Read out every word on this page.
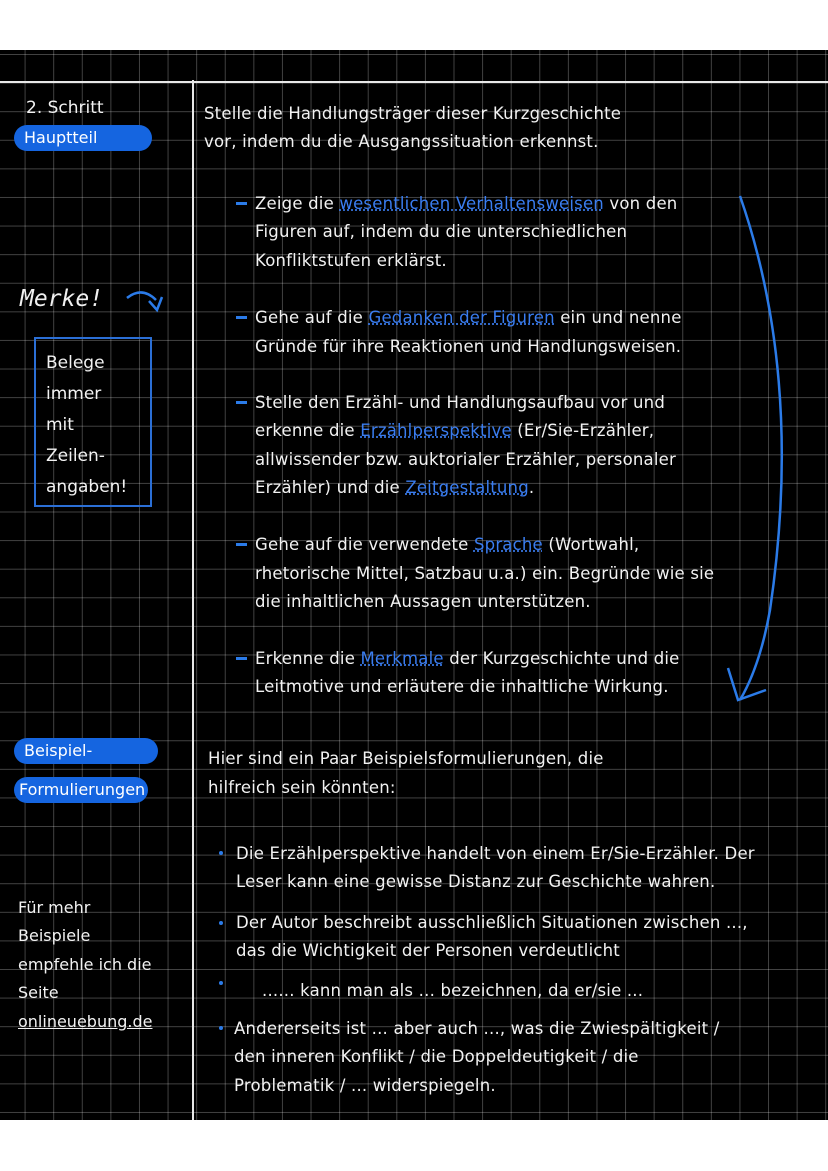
2. Schritt
Hauptteil
Merke!
Belege
immer
mit
Zeilen-
angaben!
Beispiel-
Formulierungen
Für mehr
Beispiele
empfehle ich die
Seite
onlineuebung.de
Stelle die Handlungsträger dieser Kurzgeschichte
vor, indem du die Ausgangssituation erkennst.
Zeige die wesentlichen Verhaltensweisen von den
Figuren auf, indem du die unterschiedlichen
Konfliktstufen erklärst.
Gehe auf die Gedanken der Figuren ein und nenne
Gründe für ihre Reaktionen und Handlungsweisen.
Stelle den Erzähl- und Handlungsaufbau vor und
erkenne die Erzählperspektive (Er/Sie-Erzähler,
allwissender bzw. auktorialer Erzähler, personaler
Erzähler) und die Zeitgestaltung.
Gehe auf die verwendete Sprache (Wortwahl,
rhetorische Mittel, Satzbau u.a.) ein. Begründe wie sie
die inhaltlichen Aussagen unterstützen.
Erkenne die Merkmale der Kurzgeschichte und die
Leitmotive und erläutere die inhaltliche Wirkung.
Hier sind ein Paar Beispielsformulierungen, die
hilfreich sein könnten:
Die Erzählperspektive handelt von einem Er/Sie-Erzähler. Der
Leser kann eine gewisse Distanz zur Geschichte wahren.
Der Autor beschreibt ausschließlich Situationen zwischen ...,
das die Wichtigkeit der Personen verdeutlicht
...... kann man als ... bezeichnen, da er/sie ...
Andererseits ist ... aber auch ..., was die Zwiespältigkeit /
den inneren Konflikt / die Doppeldeutigkeit / die
Problematik / ... widerspiegeln.
